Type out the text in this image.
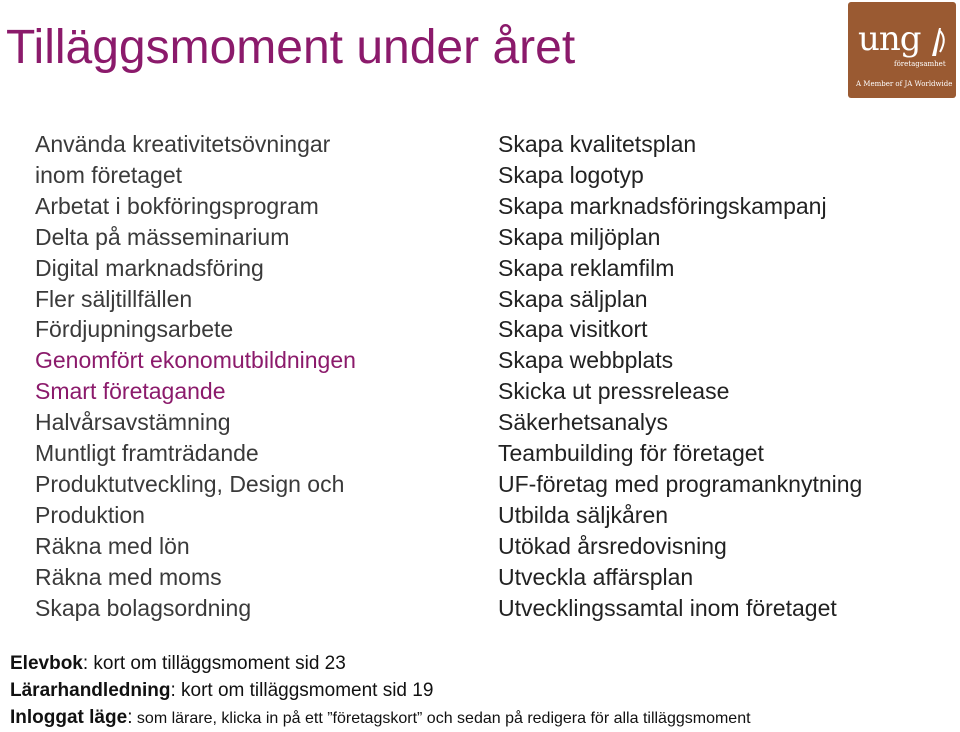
Tilläggsmoment under året	ung
företagsamhet
A Member of JA Worldwide
Använda kreativitetsövningar
inom företaget
Arbetat i bokföringsprogram
Delta på mässeminarium
Digital marknadsföring
Fler säljtillfällen
Fördjupningsarbete
Genomfört ekonomutbildningen
Smart företagande
Halvårsavstämning
Muntligt framträdande
Produktutveckling, Design och
Produktion
Räkna med lön
Räkna med moms
Skapa bolagsordning
Skapa kvalitetsplan
Skapa logotyp
Skapa marknadsföringskampanj
Skapa miljöplan
Skapa reklamfilm
Skapa säljplan
Skapa visitkort
Skapa webbplats
Skicka ut pressrelease
Säkerhetsanalys
Teambuilding för företaget
UF-företag med programanknytning
Utbilda säljkåren
Utökad årsredovisning
Utveckla affärsplan
Utvecklingssamtal inom företaget
Elevbok: kort om tilläggsmoment sid 23
Lärarhandledning: kort om tilläggsmoment sid 19
Inloggat läge: som lärare, klicka in på ett ”företagskort” och sedan på redigera för alla tilläggsmoment
